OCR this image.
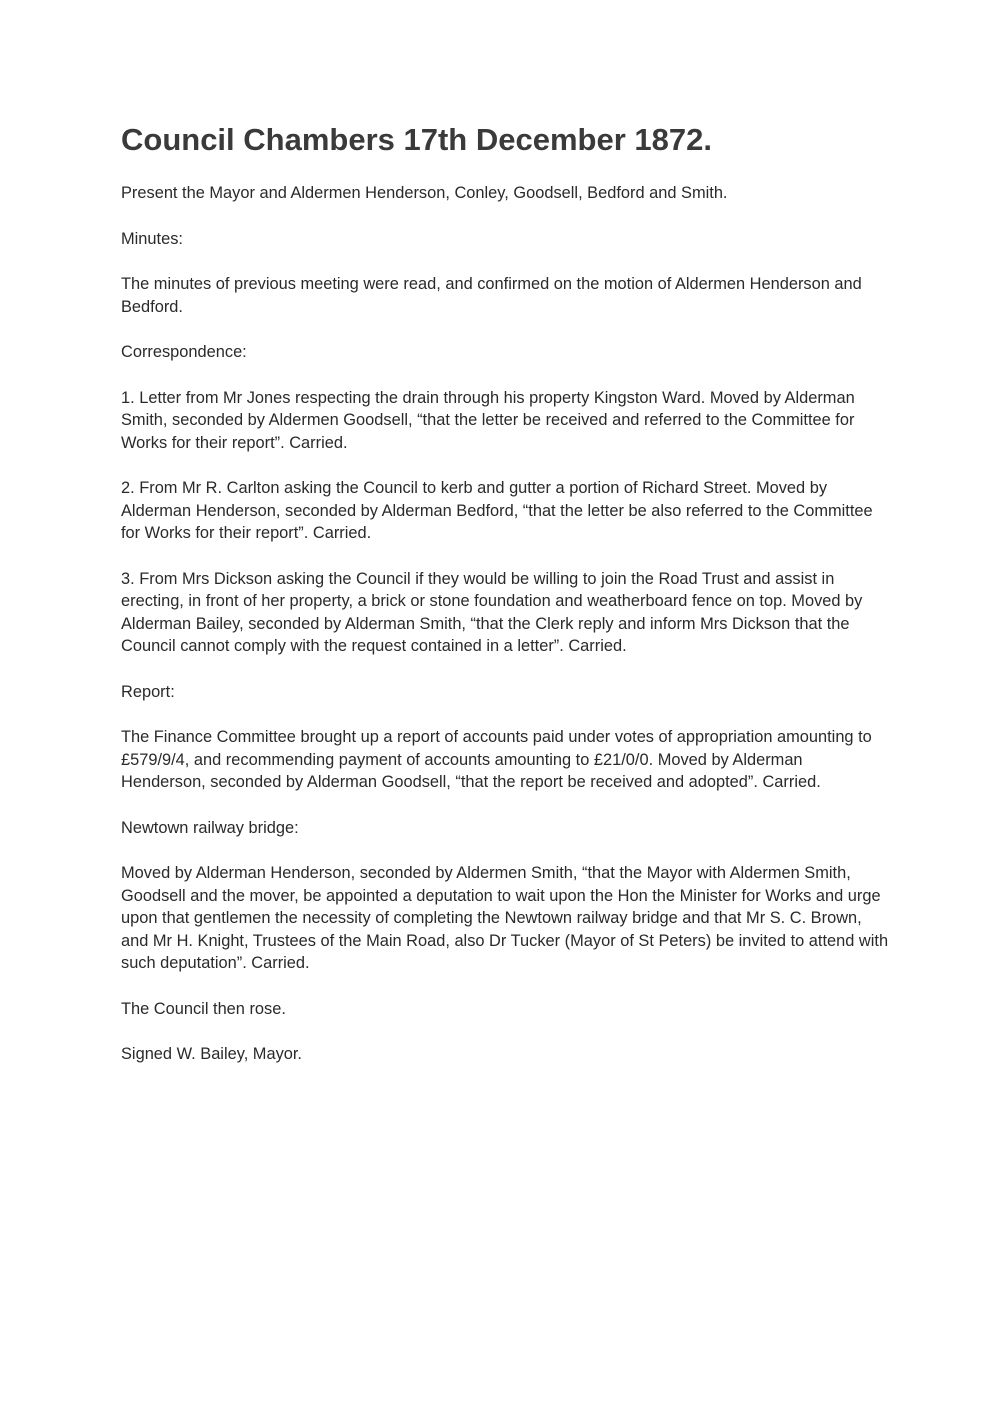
Council Chambers 17th December 1872.

Present the Mayor and Aldermen Henderson, Conley, Goodsell, Bedford and Smith.

Minutes:

The minutes of previous meeting were read, and confirmed on the motion of Aldermen Henderson and Bedford.

Correspondence:

1. Letter from Mr Jones respecting the drain through his property Kingston Ward. Moved by Alderman Smith, seconded by Aldermen Goodsell, “that the letter be received and referred to the Committee for Works for their report”. Carried.

2. From Mr R. Carlton asking the Council to kerb and gutter a portion of Richard Street. Moved by Alderman Henderson, seconded by Alderman Bedford, “that the letter be also referred to the Committee for Works for their report”. Carried.

3. From Mrs Dickson asking the Council if they would be willing to join the Road Trust and assist in erecting, in front of her property, a brick or stone foundation and weatherboard fence on top. Moved by Alderman Bailey, seconded by Alderman Smith, “that the Clerk reply and inform Mrs Dickson that the Council cannot comply with the request contained in a letter”. Carried.

Report:

The Finance Committee brought up a report of accounts paid under votes of appropriation amounting to £579/9/4, and recommending payment of accounts amounting to £21/0/0. Moved by Alderman Henderson, seconded by Alderman Goodsell, “that the report be received and adopted”. Carried.

Newtown railway bridge:

Moved by Alderman Henderson, seconded by Aldermen Smith, “that the Mayor with Aldermen Smith, Goodsell and the mover, be appointed a deputation to wait upon the Hon the Minister for Works and urge upon that gentlemen the necessity of completing the Newtown railway bridge and that Mr S. C. Brown, and Mr H. Knight, Trustees of the Main Road, also Dr Tucker (Mayor of St Peters) be invited to attend with such deputation”. Carried.

The Council then rose.

Signed W. Bailey, Mayor.
